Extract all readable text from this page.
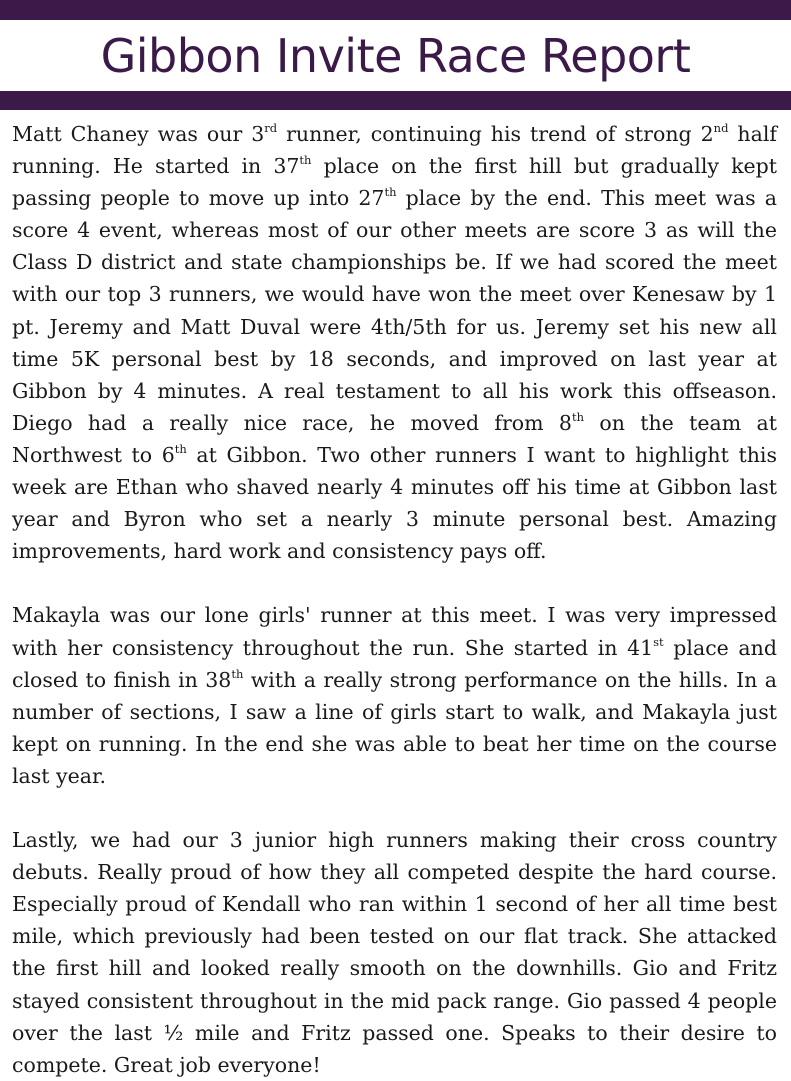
Gibbon Invite Race Report

Matt Chaney was our 3rd runner, continuing his trend of strong 2nd half running. He started in 37th place on the first hill but gradually kept passing people to move up into 27th place by the end. This meet was a score 4 event, whereas most of our other meets are score 3 as will the Class D district and state championships be. If we had scored the meet with our top 3 runners, we would have won the meet over Kenesaw by 1 pt. Jeremy and Matt Duval were 4th/5th for us. Jeremy set his new all time 5K personal best by 18 seconds, and improved on last year at Gibbon by 4 minutes. A real testament to all his work this offseason. Diego had a really nice race, he moved from 8th on the team at Northwest to 6th at Gibbon. Two other runners I want to highlight this week are Ethan who shaved nearly 4 minutes off his time at Gibbon last year and Byron who set a nearly 3 minute personal best. Amazing improvements, hard work and consistency pays off.

Makayla was our lone girls' runner at this meet. I was very impressed with her consistency throughout the run. She started in 41st place and closed to finish in 38th with a really strong performance on the hills. In a number of sections, I saw a line of girls start to walk, and Makayla just kept on running. In the end she was able to beat her time on the course last year.

Lastly, we had our 3 junior high runners making their cross country debuts. Really proud of how they all competed despite the hard course. Especially proud of Kendall who ran within 1 second of her all time best mile, which previously had been tested on our flat track. She attacked the first hill and looked really smooth on the downhills. Gio and Fritz stayed consistent throughout in the mid pack range. Gio passed 4 people over the last ½ mile and Fritz passed one. Speaks to their desire to compete. Great job everyone!
